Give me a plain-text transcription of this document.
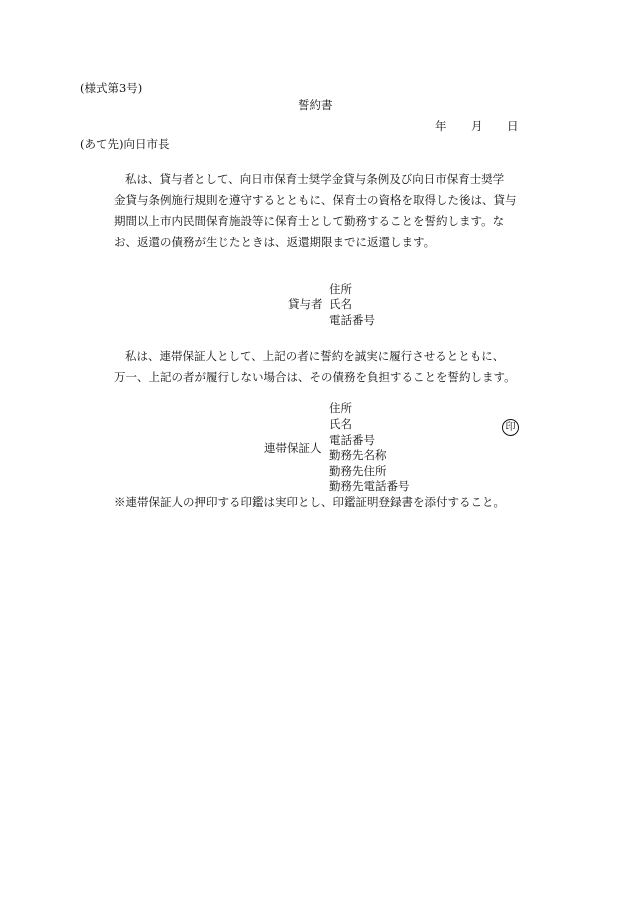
(様式第3号)
誓約書
年 月 日
(あて先)向日市長
私は、貸与者として、向日市保育士奨学金貸与条例及び向日市保育士奨学
金貸与条例施行規則を遵守するとともに、保育士の資格を取得した後は、貸与
期間以上市内民間保育施設等に保育士として勤務することを誓約します。な
お、返還の債務が生じたときは、返還期限までに返還します。
貸与者
住所
氏名
電話番号
私は、連帯保証人として、上記の者に誓約を誠実に履行させるとともに、
万一、上記の者が履行しない場合は、その債務を負担することを誓約します。
連帯保証人
住所
氏名
電話番号
勤務先名称
勤務先住所
勤務先電話番号
印
※連帯保証人の押印する印鑑は実印とし、印鑑証明登録書を添付すること。
